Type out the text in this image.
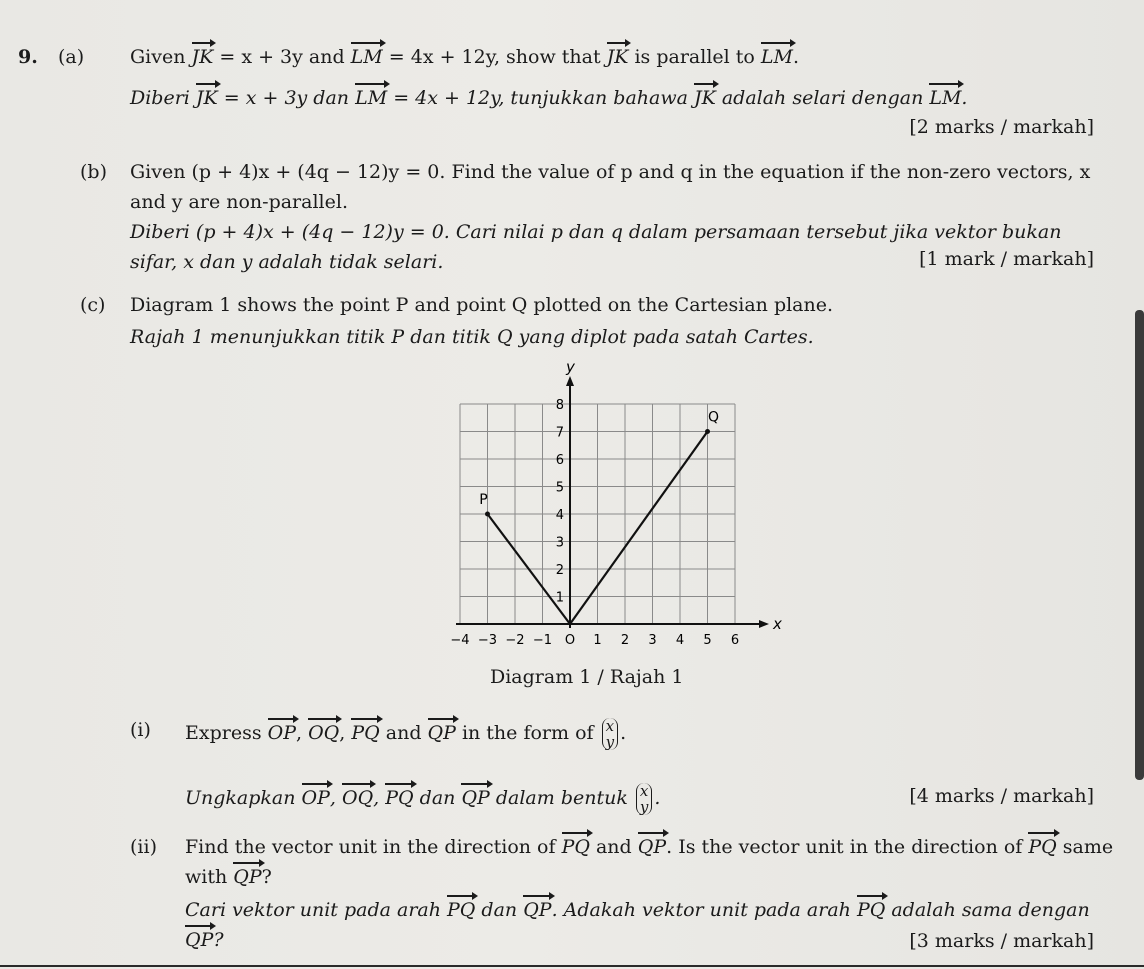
9. (a) Given JK = x + 3y and LM = 4x + 12y, show that JK is parallel to LM.
Diberi JK = x + 3y dan LM = 4x + 12y, tunjukkan bahawa JK adalah selari dengan LM.
[2 marks / markah]
(b) Given (p + 4)x + (4q − 12)y = 0. Find the value of p and q in the equation if the non-zero vectors, x
and y are non-parallel.
Diberi (p + 4)x + (4q − 12)y = 0. Cari nilai p dan q dalam persamaan tersebut jika vektor bukan
sifar, x dan y adalah tidak selari.	[1 mark / markah]
(c) Diagram 1 shows the point P and point Q plotted on the Cartesian plane.
Rajah 1 menunjukkan titik P dan titik Q yang diplot pada satah Cartes.
x
y
−4 −3 −2 −1 O 1 2 3 4 5 6
1
2
3
4
5
6
7
8
P
Q
Diagram 1 / Rajah 1
(i) Express OP, OQ, PQ and QP in the form of x
y .
Ungkapkan OP, OQ, PQ dan QP dalam bentuk x
y .	[4 marks / markah]
(ii) Find the vector unit in the direction of PQ and QP. Is the vector unit in the direction of PQ same
with QP?
Cari vektor unit pada arah PQ dan QP. Adakah vektor unit pada arah PQ adalah sama dengan
QP?	[3 marks / markah]
